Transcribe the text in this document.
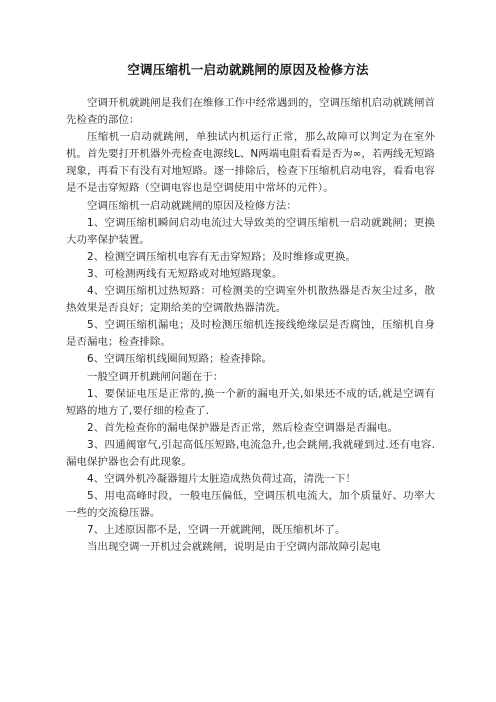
空调压缩机一启动就跳闸的原因及检修方法

空调开机就跳闸是我们在维修工作中经常遇到的，空调压缩机启动就跳闸首先检查的部位：

压缩机一启动就跳闸，单独试内机运行正常，那么故障可以判定为在室外机。首先要打开机器外壳检查电源线L、N两端电阻看看是否为∞，若两线无短路现象，再看下有没有对地短路。逐一排除后，检查下压缩机启动电容，看看电容是不是击穿短路（空调电容也是空调使用中常坏的元件）。

空调压缩机一启动就跳闸的原因及检修方法：

1、空调压缩机瞬间启动电流过大导致美的空调压缩机一启动就跳闸；更换大功率保护装置。

2、检测空调压缩机电容有无击穿短路；及时维修或更换。

3、可检测两线有无短路或对地短路现象。

4、空调压缩机过热短路：可检测美的空调室外机散热器是否灰尘过多，散热效果是否良好；定期给美的空调散热器清洗。

5、空调压缩机漏电；及时检测压缩机连接线绝缘层是否腐蚀，压缩机自身是否漏电；检查排除。

6、空调压缩机线圈间短路；检查排除。

一般空调开机跳闸问题在于：

1、要保证电压是正常的,换一个新的漏电开关,如果还不成的话,就是空调有短路的地方了,要仔细的检查了.

2、首先检查你的漏电保护器是否正常，然后检查空调器是否漏电。

3、四通阀窜气,引起高低压短路,电流急升,也会跳闸,我就碰到过.还有电容.漏电保护器也会有此现象。

4、空调外机冷凝器翅片太脏造成热负荷过高，清洗一下！

5、用电高峰时段，一般电压偏低，空调压机电流大，加个质量好、功率大一些的交流稳压器。

7、上述原因都不是，空调一开就跳闸，既压缩机坏了。

当出现空调一开机过会就跳闸，说明是由于空调内部故障引起电
